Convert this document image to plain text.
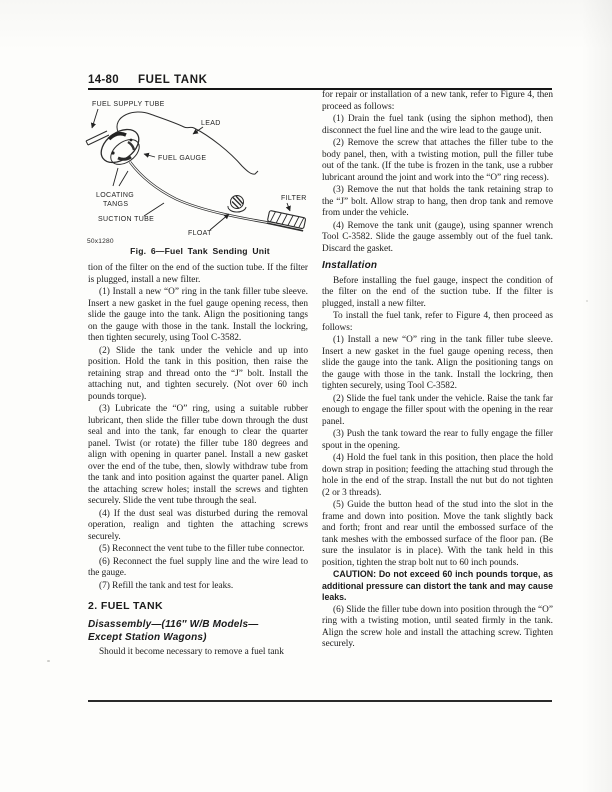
14-80 FUEL TANK
FUEL SUPPLY TUBE
LEAD
FUEL GAUGE
LOCATING
TANGS
SUCTION TUBE
FLOAT
FILTER
50x1280
Fig. 6—Fuel Tank Sending Unit

tion of the filter on the end of the suction tube. If the filter is plugged, install a new filter.

(1) Install a new “O” ring in the tank filler tube sleeve. Insert a new gasket in the fuel gauge opening recess, then slide the gauge into the tank. Align the positioning tangs on the gauge with those in the tank. Install the lockring, then tighten securely, using Tool C-3582.

(2) Slide the tank under the vehicle and up into position. Hold the tank in this position, then raise the retaining strap and thread onto the “J” bolt. Install the attaching nut, and tighten securely. (Not over 60 inch pounds torque).

(3) Lubricate the “O” ring, using a suitable rubber lubricant, then slide the filler tube down through the dust seal and into the tank, far enough to clear the quarter panel. Twist (or rotate) the filler tube 180 degrees and align with opening in quarter panel. Install a new gasket over the end of the tube, then, slowly withdraw tube from the tank and into position against the quarter panel. Align the attaching screw holes; install the screws and tighten securely. Slide the vent tube through the seal.

(4) If the dust seal was disturbed during the removal operation, realign and tighten the attaching screws securely.

(5) Reconnect the vent tube to the filler tube connector.

(6) Reconnect the fuel supply line and the wire lead to the gauge.

(7) Refill the tank and test for leaks.

2. FUEL TANK
Disassembly—(116″ W/B Models—
Except Station Wagons)

Should it become necessary to remove a fuel tank

for repair or installation of a new tank, refer to Figure 4, then proceed as follows:

(1) Drain the fuel tank (using the siphon method), then disconnect the fuel line and the wire lead to the gauge unit.

(2) Remove the screw that attaches the filler tube to the body panel, then, with a twisting motion, pull the filler tube out of the tank. (If the tube is frozen in the tank, use a rubber lubricant around the joint and work into the “O” ring recess).

(3) Remove the nut that holds the tank retaining strap to the “J” bolt. Allow strap to hang, then drop tank and remove from under the vehicle.

(4) Remove the tank unit (gauge), using spanner wrench Tool C-3582. Slide the gauge assembly out of the fuel tank. Discard the gasket.

Installation

Before installing the fuel gauge, inspect the condition of the filter on the end of the suction tube. If the filter is plugged, install a new filter.

To install the fuel tank, refer to Figure 4, then proceed as follows:

(1) Install a new “O” ring in the tank filler tube sleeve. Insert a new gasket in the fuel gauge opening recess, then slide the gauge into the tank. Align the positioning tangs on the gauge with those in the tank. Install the lockring, then tighten securely, using Tool C-3582.

(2) Slide the fuel tank under the vehicle. Raise the tank far enough to engage the filler spout with the opening in the rear panel.

(3) Push the tank toward the rear to fully engage the filler spout in the opening.

(4) Hold the fuel tank in this position, then place the hold down strap in position; feeding the attaching stud through the hole in the end of the strap. Install the nut but do not tighten (2 or 3 threads).

(5) Guide the button head of the stud into the slot in the frame and down into position. Move the tank slightly back and forth; front and rear until the embossed surface of the tank meshes with the embossed surface of the floor pan. (Be sure the insulator is in place). With the tank held in this position, tighten the strap bolt nut to 60 inch pounds.

CAUTION: Do not exceed 60 inch pounds torque, as additional pressure can distort the tank and may cause leaks.

(6) Slide the filler tube down into position through the “O” ring with a twisting motion, until seated firmly in the tank. Align the screw hole and install the attaching screw. Tighten securely.
